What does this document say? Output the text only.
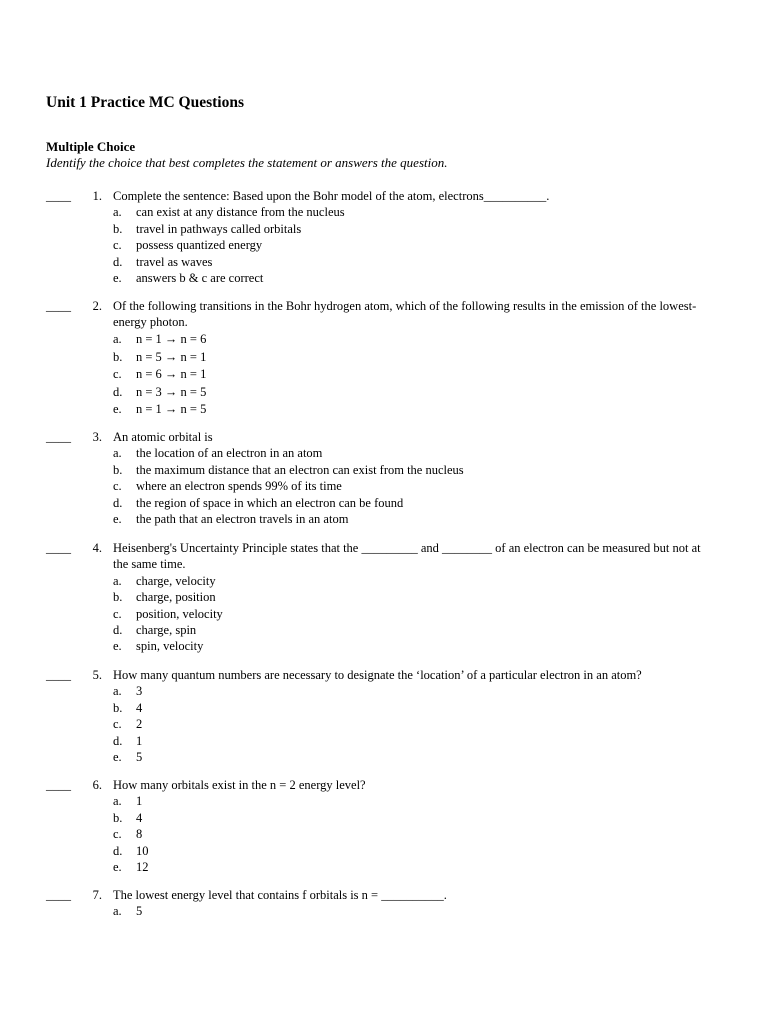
Unit 1 Practice MC Questions
Multiple Choice
Identify the choice that best completes the statement or answers the question.
____	1. Complete the sentence: Based upon the Bohr model of the atom, electrons__________.
a. can exist at any distance from the nucleus
b. travel in pathways called orbitals
c. possess quantized energy
d. travel as waves
e. answers b & c are correct
____	2. Of the following transitions in the Bohr hydrogen atom, which of the following results in the emission of the lowest-energy photon.
a. n = 1 → n = 6
b. n = 5 → n = 1
c. n = 6 → n = 1
d. n = 3 → n = 5
e. n = 1 → n = 5
____	3. An atomic orbital is
a. the location of an electron in an atom
b. the maximum distance that an electron can exist from the nucleus
c. where an electron spends 99% of its time
d. the region of space in which an electron can be found
e. the path that an electron travels in an atom
____	4. Heisenberg's Uncertainty Principle states that the _________ and ________ of an electron can be measured but not at the same time.
a. charge, velocity
b. charge, position
c. position, velocity
d. charge, spin
e. spin, velocity
____	5. How many quantum numbers are necessary to designate the ‘location’ of a particular electron in an atom?
a. 3
b. 4
c. 2
d. 1
e. 5
____	6. How many orbitals exist in the n = 2 energy level?
a. 1
b. 4
c. 8
d. 10
e. 12
____	7. The lowest energy level that contains f orbitals is n = __________.
a. 5
